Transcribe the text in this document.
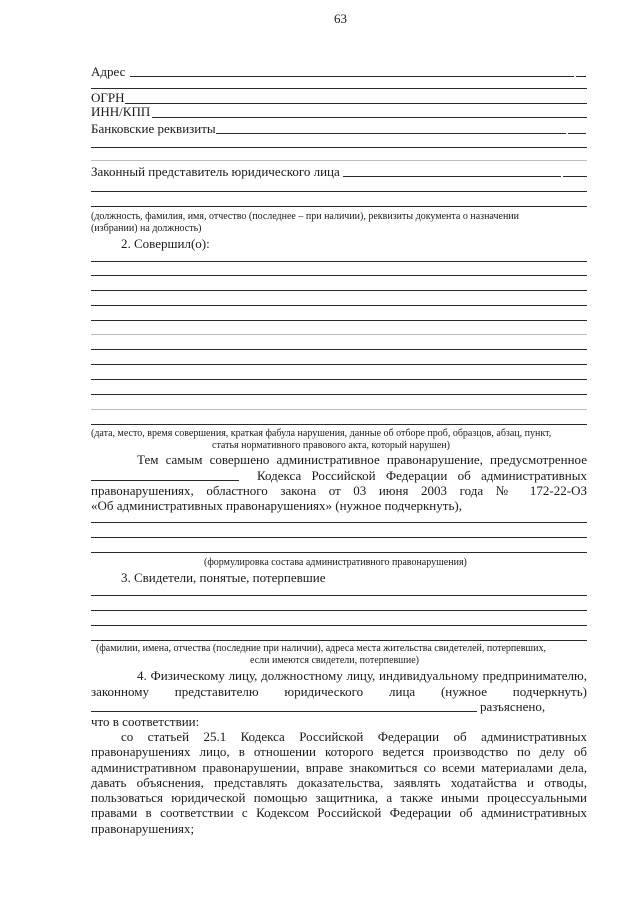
63
Адрес
ОГРН
ИНН/КПП
Банковские реквизиты
Законный представитель юридического лица
(должность, фамилия, имя, отчество (последнее – при наличии), реквизиты документа о назначении
(избрании) на должность)
2. Совершил(о):
(дата, место, время совершения, краткая фабула нарушения, данные об отборе проб, образцов, абзац, пункт,
статья нормативного правового акта, который нарушен)
Тем самым совершено административное правонарушение, предусмотренное
Кодекса Российской Федерации об административных
правонарушениях, областного закона от 03 июня 2003 года № 172-22-ОЗ
«Об административных правонарушениях» (нужное подчеркнуть),
(формулировка состава административного правонарушения)
3. Свидетели, понятые, потерпевшие
(фамилии, имена, отчества (последние при наличии), адреса места жительства свидетелей, потерпевших,
если имеются свидетели, потерпевшие)
4. Физическому лицу, должностному лицу, индивидуальному предпринимателю,
законному представителю юридического лица (нужное подчеркнуть)
разъяснено,
что в соответствии:
со статьей 25.1 Кодекса Российской Федерации об административных
правонарушениях лицо, в отношении которого ведется производство по делу об
административном правонарушении, вправе знакомиться со всеми материалами дела,
давать объяснения, представлять доказательства, заявлять ходатайства и отводы,
пользоваться юридической помощью защитника, а также иными процессуальными
правами в соответствии с Кодексом Российской Федерации об административных
правонарушениях;
